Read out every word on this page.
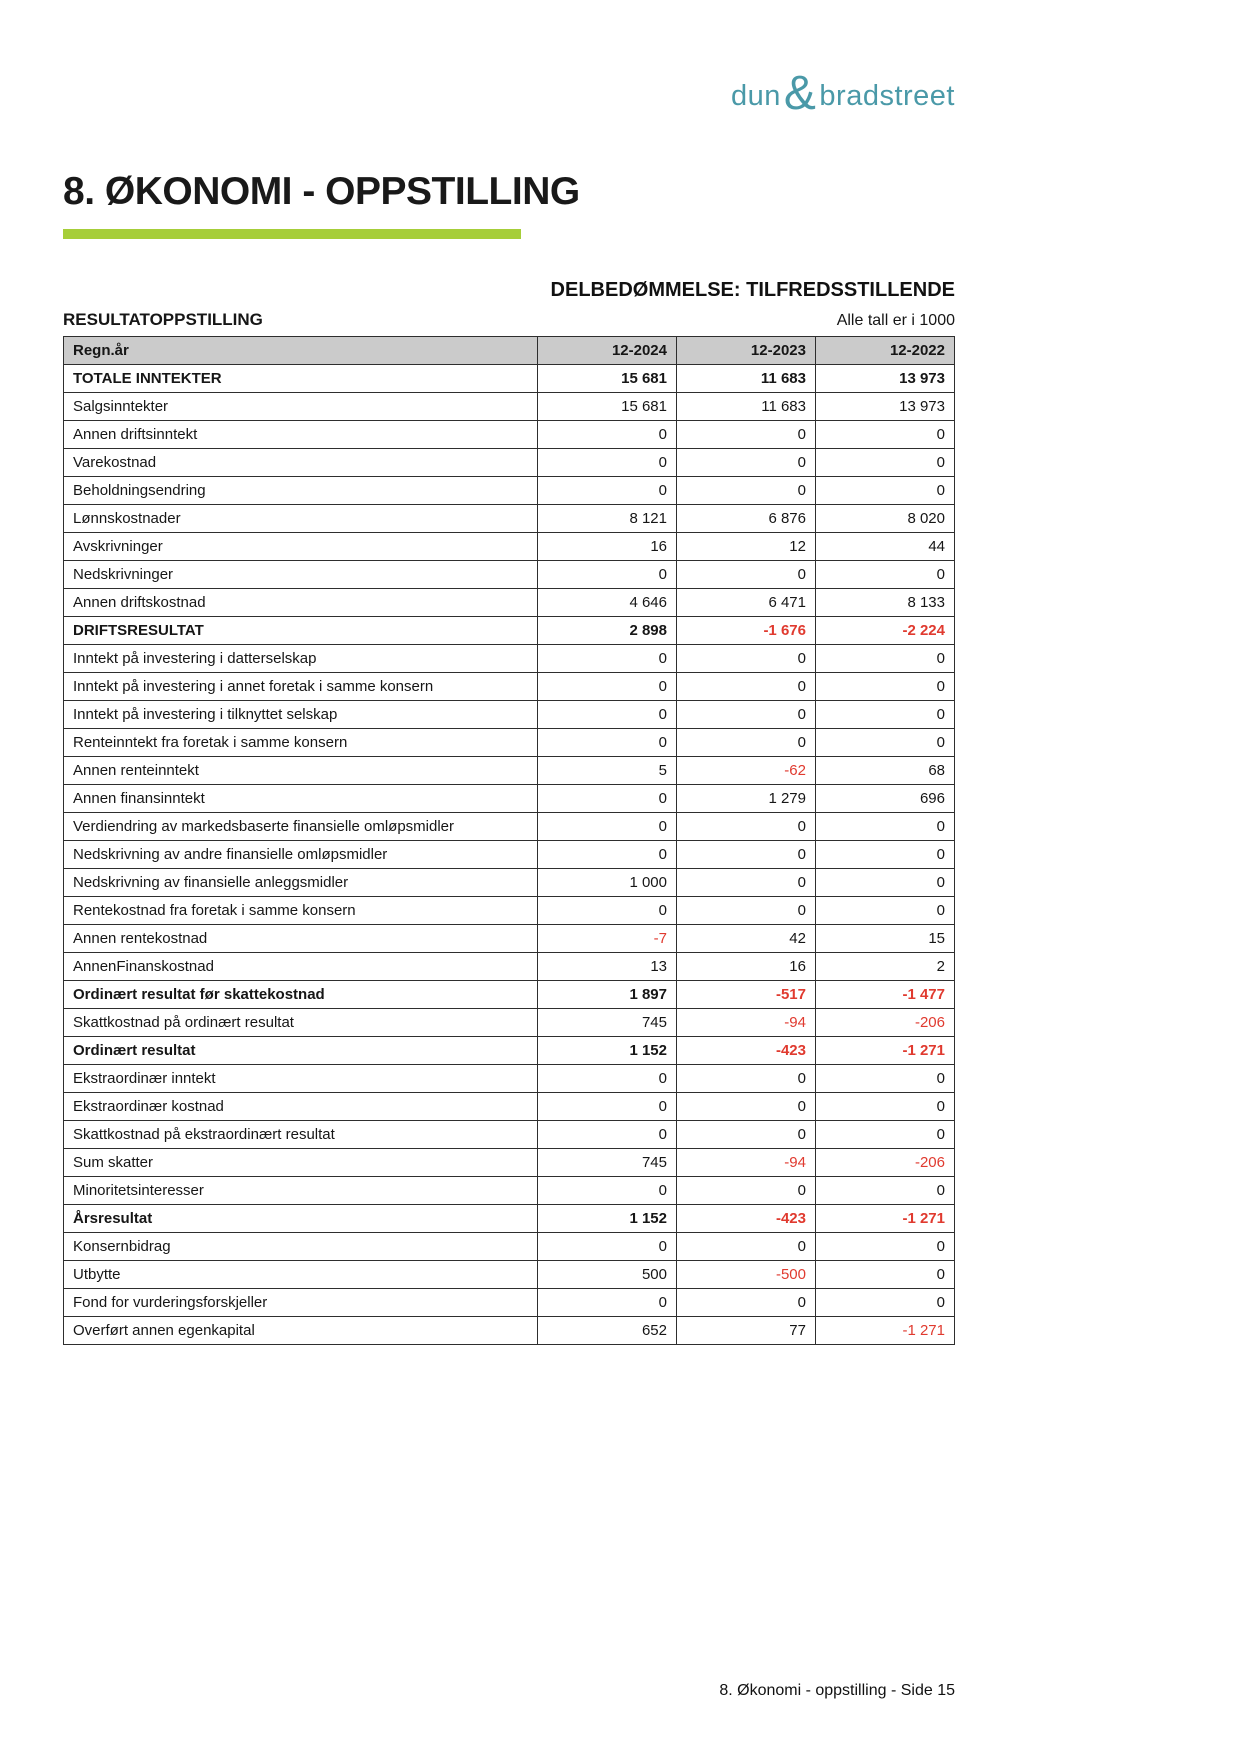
dun & bradstreet
8. ØKONOMI - OPPSTILLING
DELBEDØMMELSE: TILFREDSSTILLENDE
RESULTATOPPSTILLING	Alle tall er i 1000
Regn.år	12-2024	12-2023	12-2022
TOTALE INNTEKTER	15 681	11 683	13 973
Salgsinntekter	15 681	11 683	13 973
Annen driftsinntekt	0	0	0
Varekostnad	0	0	0
Beholdningsendring	0	0	0
Lønnskostnader	8 121	6 876	8 020
Avskrivninger	16	12	44
Nedskrivninger	0	0	0
Annen driftskostnad	4 646	6 471	8 133
DRIFTSRESULTAT	2 898	-1 676	-2 224
Inntekt på investering i datterselskap	0	0	0
Inntekt på investering i annet foretak i samme konsern	0	0	0
Inntekt på investering i tilknyttet selskap	0	0	0
Renteinntekt fra foretak i samme konsern	0	0	0
Annen renteinntekt	5	-62	68
Annen finansinntekt	0	1 279	696
Verdiendring av markedsbaserte finansielle omløpsmidler	0	0	0
Nedskrivning av andre finansielle omløpsmidler	0	0	0
Nedskrivning av finansielle anleggsmidler	1 000	0	0
Rentekostnad fra foretak i samme konsern	0	0	0
Annen rentekostnad	-7	42	15
AnnenFinanskostnad	13	16	2
Ordinært resultat før skattekostnad	1 897	-517	-1 477
Skattkostnad på ordinært resultat	745	-94	-206
Ordinært resultat	1 152	-423	-1 271
Ekstraordinær inntekt	0	0	0
Ekstraordinær kostnad	0	0	0
Skattkostnad på ekstraordinært resultat	0	0	0
Sum skatter	745	-94	-206
Minoritetsinteresser	0	0	0
Årsresultat	1 152	-423	-1 271
Konsernbidrag	0	0	0
Utbytte	500	-500	0
Fond for vurderingsforskjeller	0	0	0
Overført annen egenkapital	652	77	-1 271
8. Økonomi - oppstilling - Side 15
